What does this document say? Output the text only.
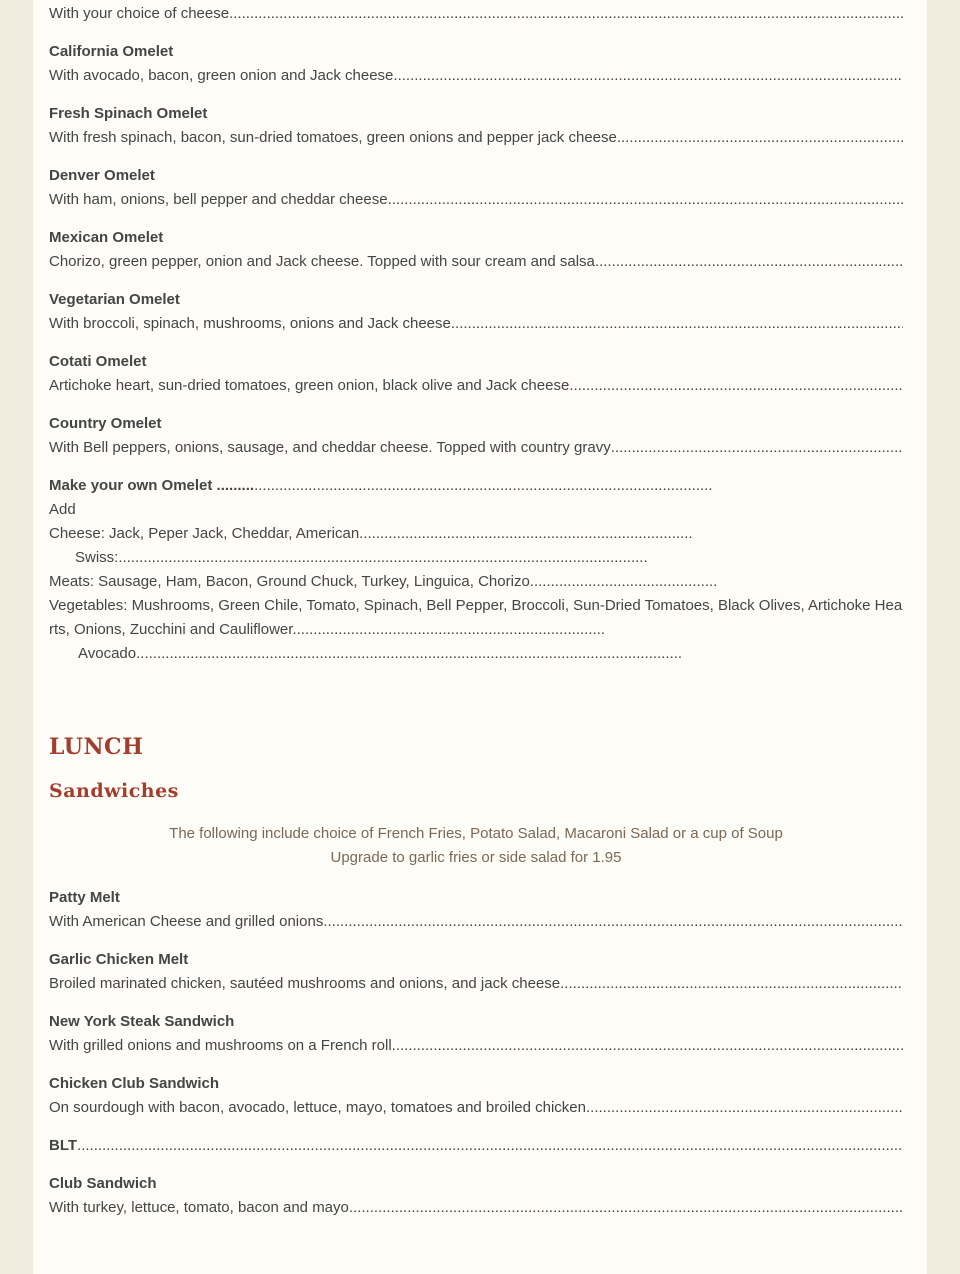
With your choice of cheese
.....

California Omelet

With avocado, bacon, green onion and Jack cheese
.....

Fresh Spinach Omelet

With fresh spinach, bacon, sun-dried tomatoes, green onions and pepper jack cheese
.....

Denver Omelet

With ham, onions, bell pepper and cheddar cheese
.....

Mexican Omelet

Chorizo, green pepper, onion and Jack cheese. Topped with sour cream and salsa
.....

Vegetarian Omelet

With broccoli, spinach, mushrooms, onions and Jack cheese
.....

Cotati Omelet

Artichoke heart, sun-dried tomatoes, green onion, black olive and Jack cheese
.....

Country Omelet

With Bell peppers, onions, sausage, and cheddar cheese. Topped with country gravy
.....

Make your own Omelet .......................................................................................................................

Add

Cheese: Jack, Peper Jack, Cheddar, American................................................................................

Swiss:...............................................................................................................................

Meats: Sausage, Ham, Bacon, Ground Chuck, Turkey, Linguica, Chorizo.............................................

Vegetables: Mushrooms, Green Chile, Tomato, Spinach, Bell Pepper, Broccoli, Sun-Dried Tomatoes, Black Olives, Artichoke Hearts, Onions, Zucchini and Cauliflower...........................................................................

Avocado...................................................................................................................................

LUNCH
Sandwiches

The following include choice of French Fries, Potato Salad, Macaroni Salad or a cup of Soup

Upgrade to garlic fries or side salad for 1.95

Patty Melt

With American Cheese and grilled onions
.....

Garlic Chicken Melt

Broiled marinated chicken, sautéed mushrooms and onions, and jack cheese
.....

New York Steak Sandwich

With grilled onions and mushrooms on a French roll
.....

Chicken Club Sandwich

On sourdough with bacon, avocado, lettuce, mayo, tomatoes and broiled chicken
.....

BLT
.....

Club Sandwich

With turkey, lettuce, tomato, bacon and mayo
.....
